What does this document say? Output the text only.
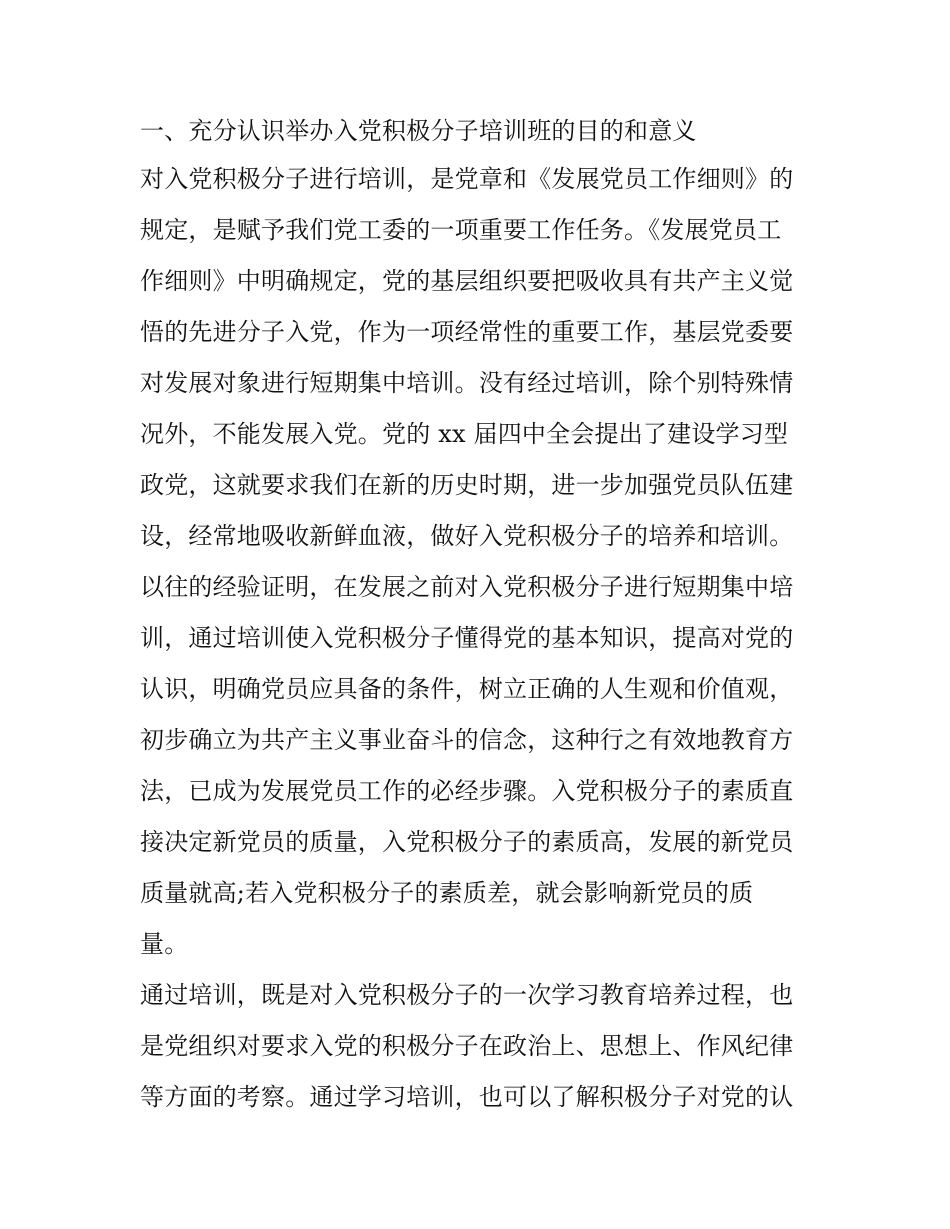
一、充分认识举办入党积极分子培训班的目的和意义
对入党积极分子进行培训，是党章和《发展党员工作细则》的
规定，是赋予我们党工委的一项重要工作任务。《发展党员工
作细则》中明确规定，党的基层组织要把吸收具有共产主义觉
悟的先进分子入党，作为一项经常性的重要工作，基层党委要
对发展对象进行短期集中培训。没有经过培训，除个别特殊情
况外，不能发展入党。党的 xx 届四中全会提出了建设学习型
政党，这就要求我们在新的历史时期，进一步加强党员队伍建
设，经常地吸收新鲜血液，做好入党积极分子的培养和培训。
以往的经验证明，在发展之前对入党积极分子进行短期集中培
训，通过培训使入党积极分子懂得党的基本知识，提高对党的
认识，明确党员应具备的条件，树立正确的人生观和价值观，
初步确立为共产主义事业奋斗的信念，这种行之有效地教育方
法，已成为发展党员工作的必经步骤。入党积极分子的素质直
接决定新党员的质量，入党积极分子的素质高，发展的新党员
质量就高;若入党积极分子的素质差，就会影响新党员的质
量。
通过培训，既是对入党积极分子的一次学习教育培养过程，也
是党组织对要求入党的积极分子在政治上、思想上、作风纪律
等方面的考察。通过学习培训，也可以了解积极分子对党的认
